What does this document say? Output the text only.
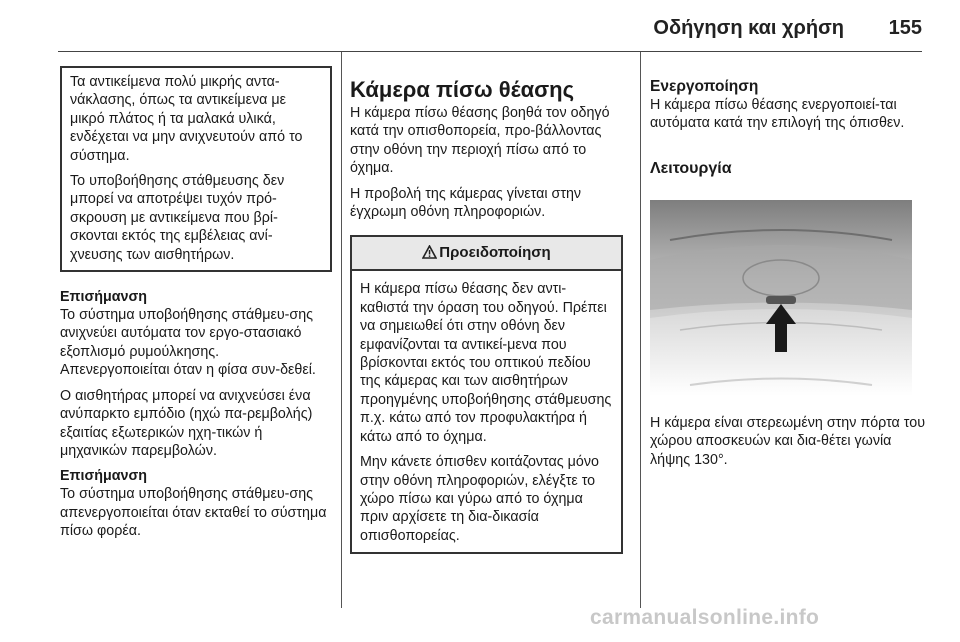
Οδήγηση και χρήση 155

Τα αντικείμενα πολύ μικρής αντα-νάκλασης, όπως τα αντικείμενα με μικρό πλάτος ή τα μαλακά υλικά, ενδέχεται να μην ανιχνευτούν από το σύστημα.

Το υποβοήθησης στάθμευσης δεν μπορεί να αποτρέψει τυχόν πρό-σκρουση με αντικείμενα που βρί-σκονται εκτός της εμβέλειας ανί-χνευσης των αισθητήρων.

Επισήμανση

Το σύστημα υποβοήθησης στάθμευ-σης ανιχνεύει αυτόματα τον εργο-στασιακό εξοπλισμό ρυμούλκησης. Απενεργοποιείται όταν η φίσα συν-δεθεί.

Ο αισθητήρας μπορεί να ανιχνεύσει ένα ανύπαρκτο εμπόδιο (ηχώ πα-ρεμβολής) εξαιτίας εξωτερικών ηχη-τικών ή μηχανικών παρεμβολών.

Επισήμανση

Το σύστημα υποβοήθησης στάθμευ-σης απενεργοποιείται όταν εκταθεί το σύστημα πίσω φορέα.

Κάμερα πίσω θέασης

Η κάμερα πίσω θέασης βοηθά τον οδηγό κατά την οπισθοπορεία, προ-βάλλοντας στην οθόνη την περιοχή πίσω από το όχημα.

Η προβολή της κάμερας γίνεται στην έγχρωμη οθόνη πληροφοριών.

Προειδοποίηση

Η κάμερα πίσω θέασης δεν αντι-καθιστά την όραση του οδηγού. Πρέπει να σημειωθεί ότι στην οθόνη δεν εμφανίζονται τα αντικεί-μενα που βρίσκονται εκτός του οπτικού πεδίου της κάμερας και των αισθητήρων προηγμένης υποβοήθησης στάθμευσης π.χ. κάτω από τον προφυλακτήρα ή κάτω από το όχημα.

Μην κάνετε όπισθεν κοιτάζοντας μόνο στην οθόνη πληροφοριών, ελέγξτε το χώρο πίσω και γύρω από το όχημα πριν αρχίσετε τη δια-δικασία οπισθοπορείας.

Ενεργοποίηση

Η κάμερα πίσω θέασης ενεργοποιεί-ται αυτόματα κατά την επιλογή της όπισθεν.

Λειτουργία

Η κάμερα είναι στερεωμένη στην πόρτα του χώρου αποσκευών και δια-θέτει γωνία λήψης 130°.

carmanualsonline.info
